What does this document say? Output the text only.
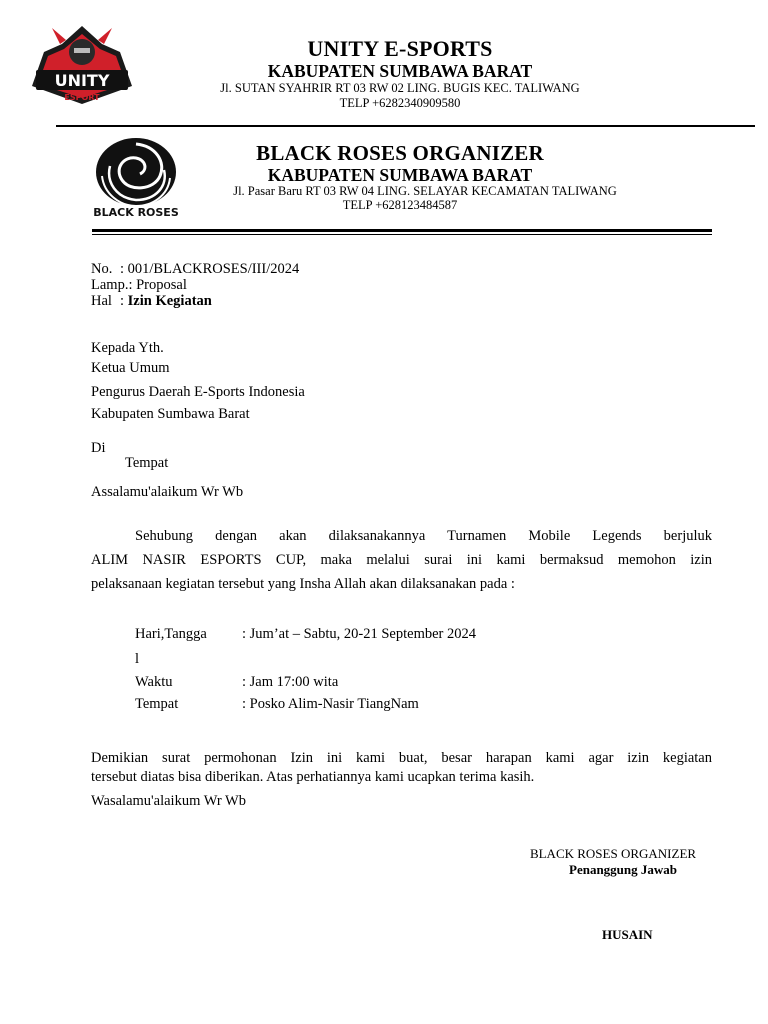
UNITY
ESPORT
UNITY E-SPORTS
KABUPATEN SUMBAWA BARAT
Jl. SUTAN SYAHRIR RT 03 RW 02 LING. BUGIS KEC. TALIWANG
TELP +6282340909580
BLACK ROSES
BLACK ROSES ORGANIZER
KABUPATEN SUMBAWA BARAT
Jl. Pasar Baru RT 03 RW 04 LING. SELAYAR KECAMATAN TALIWANG
TELP +628123484587
No. : 001/BLACKROSES/III/2024
Lamp.: Proposal
Hal : Izin Kegiatan
Kepada Yth.
Ketua Umum
Pengurus Daerah E-Sports Indonesia
Kabupaten Sumbawa Barat
Di
Tempat
Assalamu'alaikum Wr Wb
Sehubung dengan akan dilaksanakannya Turnamen Mobile Legends berjuluk
ALIM NASIR ESPORTS CUP, maka melalui surai ini kami bermaksud memohon izin
pelaksanaan kegiatan tersebut yang Insha Allah akan dilaksanakan pada :
Hari,Tangga
l
: Jum’at – Sabtu, 20-21 September 2024
Waktu	: Jam 17:00 wita
Tempat	: Posko Alim-Nasir TiangNam
Demikian surat permohonan Izin ini kami buat, besar harapan kami agar izin kegiatan
tersebut diatas bisa diberikan. Atas perhatiannya kami ucapkan terima kasih.
Wasalamu'alaikum Wr Wb
BLACK ROSES ORGANIZER
Penanggung Jawab
HUSAIN
